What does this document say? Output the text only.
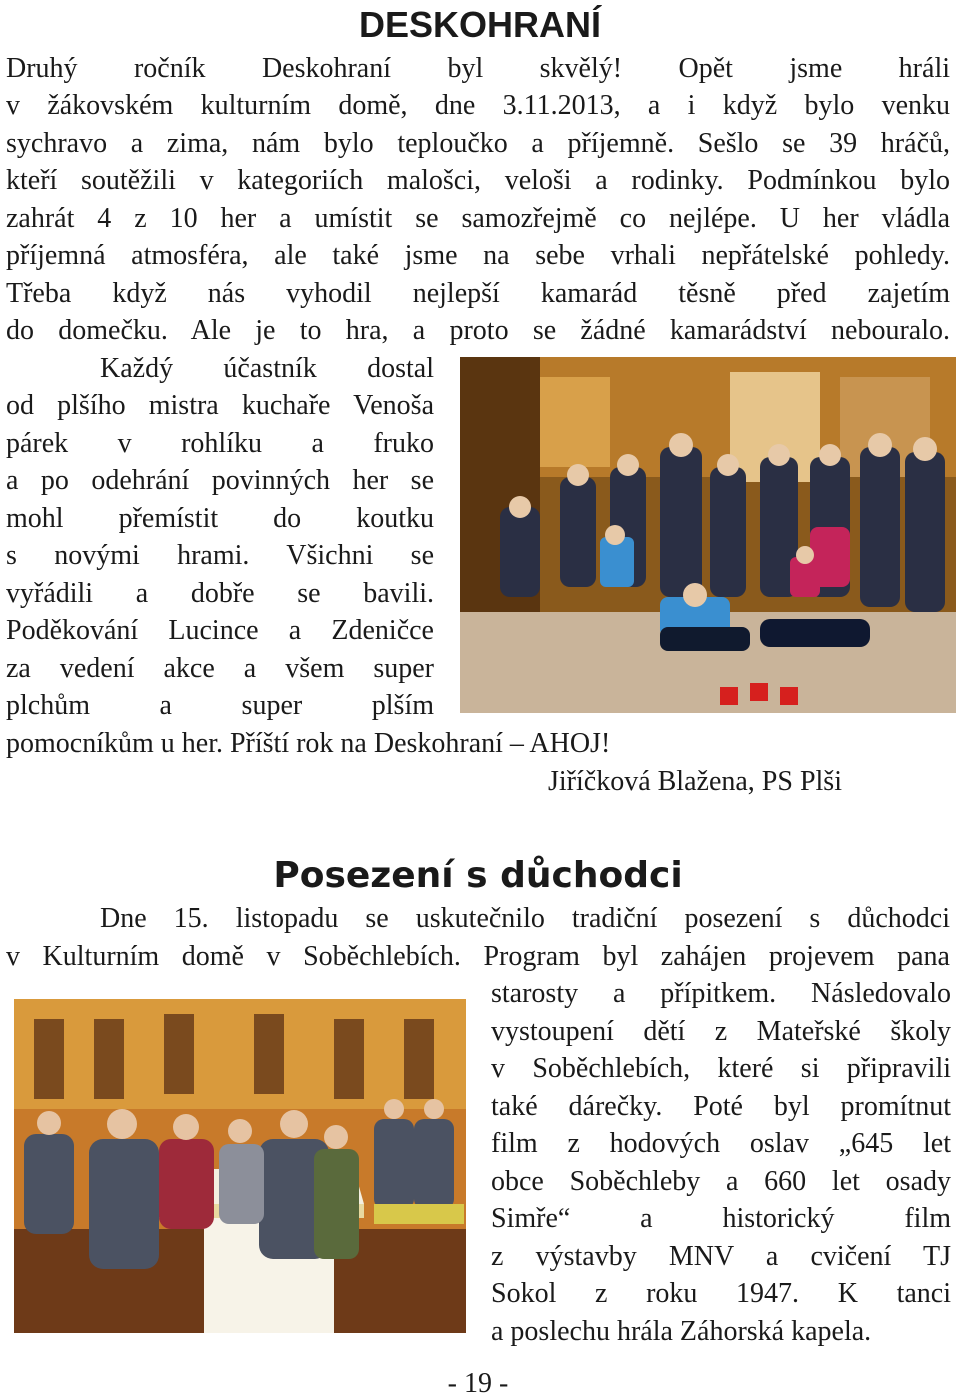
DESKOHRANÍ
Druhý ročník Deskohraní byl skvělý! Opět jsme hráli
v žákovském kulturním domě, dne 3.11.2013, a i když bylo venku
sychravo a zima, nám bylo teploučko a příjemně. Sešlo se 39 hráčů,
kteří soutěžili v kategoriích malošci, veloši a rodinky. Podmínkou bylo
zahrát 4 z 10 her a umístit se samozřejmě co nejlépe. U her vládla
příjemná atmosféra, ale také jsme na sebe vrhali nepřátelské pohledy.
Třeba když nás vyhodil nejlepší kamarád těsně před zajetím
do domečku. Ale je to hra, a proto se žádné kamarádství nebouralo.
Každý účastník dostal
od plšího mistra kuchaře Venoša
párek v rohlíku a fruko
a po odehrání povinných her se
mohl přemístit do koutku
s novými hrami. Všichni se
vyřádili a dobře se bavili.
Poděkování Lucince a Zdeničce
za vedení akce a všem super
plchům a super plším
pomocníkům u her. Příští rok na Deskohraní – AHOJ!
Jiříčková Blažena, PS Plši
Posezení s důchodci
Dne 15. listopadu se uskutečnilo tradiční posezení s důchodci
v Kulturním domě v Soběchlebích. Program byl zahájen projevem pana
starosty a přípitkem. Následovalo
vystoupení dětí z Mateřské školy
v Soběchlebích, které si připravili
také dárečky. Poté byl promítnut
film z hodových oslav „645 let
obce Soběchleby a 660 let osady
Simře“ a historický film
z výstavby MNV a cvičení TJ
Sokol z roku 1947. K tanci
a poslechu hrála Záhorská kapela.
- 19 -
